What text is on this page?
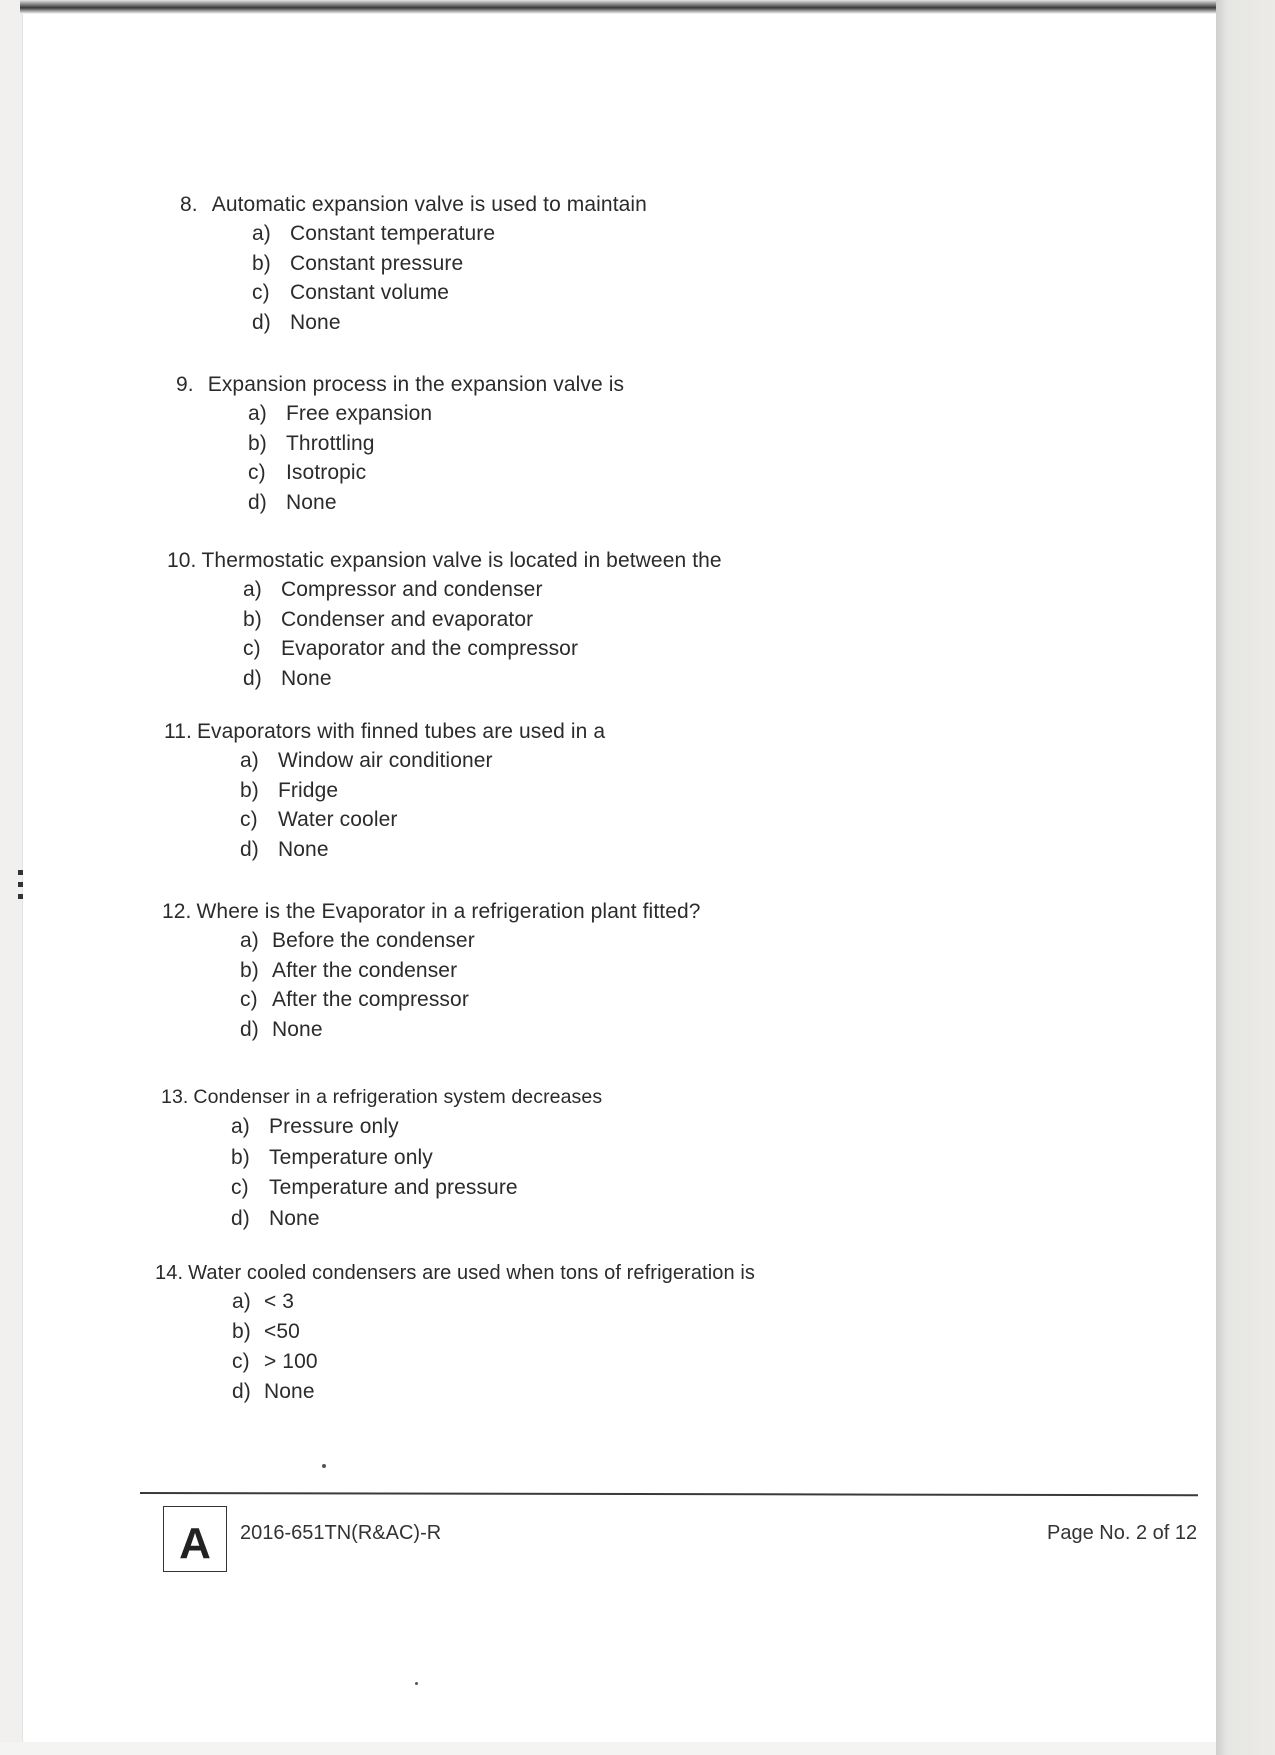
8. Automatic expansion valve is used to maintain
a) Constant temperature
b) Constant pressure
c) Constant volume
d) None
9. Expansion process in the expansion valve is
a) Free expansion
b) Throttling
c) Isotropic
d) None
10. Thermostatic expansion valve is located in between the
a) Compressor and condenser
b) Condenser and evaporator
c) Evaporator and the compressor
d) None
11. Evaporators with finned tubes are used in a
a) Window air conditioner
b) Fridge
c) Water cooler
d) None
12. Where is the Evaporator in a refrigeration plant fitted?
a) Before the condenser
b) After the condenser
c) After the compressor
d) None
13. Condenser in a refrigeration system decreases
a) Pressure only
b) Temperature only
c) Temperature and pressure
d) None
14. Water cooled condensers are used when tons of refrigeration is
a) < 3
b) <50
c) > 100
d) None
A	2016-651TN(R&AC)-R	Page No. 2 of 12
